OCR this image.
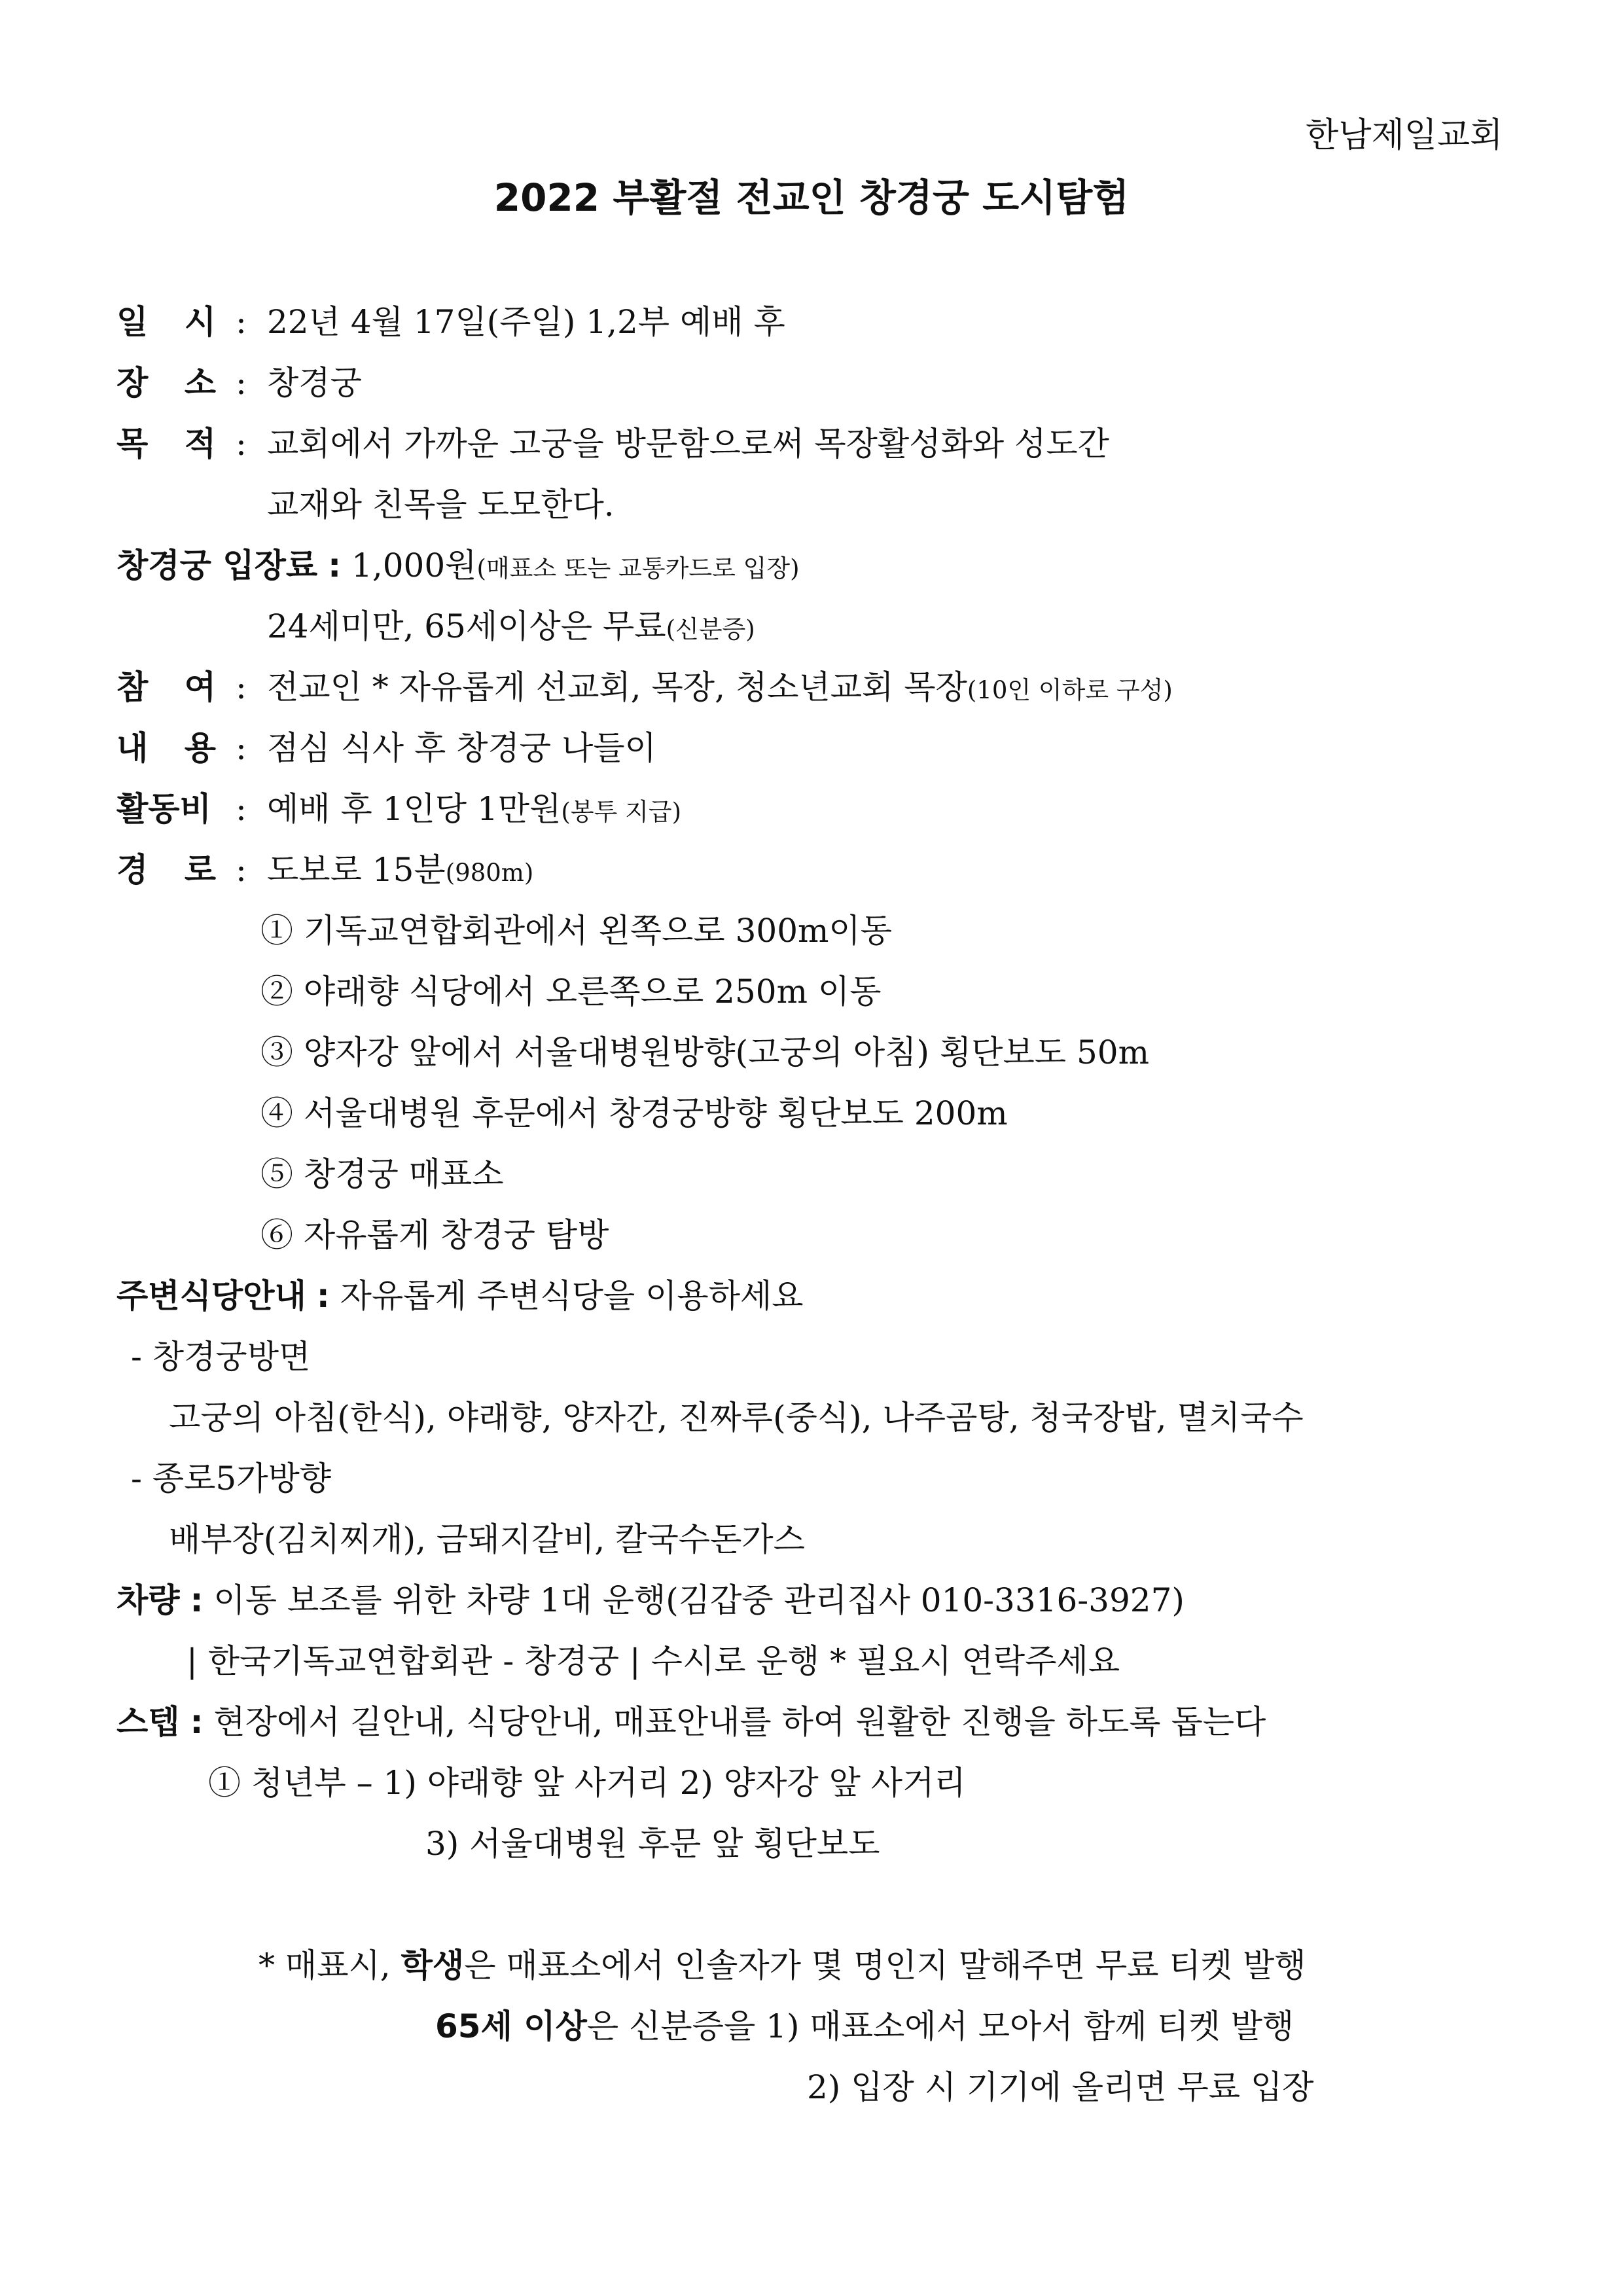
한남제일교회
2022 부활절 전교인 창경궁 도시탐험
일 시 : 22년 4월 17일(주일) 1,2부 예배 후
장 소 : 창경궁
목 적 : 교회에서 가까운 고궁을 방문함으로써 목장활성화와 성도간
교재와 친목을 도모한다.
창경궁 입장료 : 1,000원(매표소 또는 교통카드로 입장)
24세미만, 65세이상은 무료(신분증)
참 여 : 전교인 * 자유롭게 선교회, 목장, 청소년교회 목장(10인 이하로 구성)
내 용 : 점심 식사 후 창경궁 나들이
활동비 : 예배 후 1인당 1만원(봉투 지급)
경 로 : 도보로 15분(980m)
① 기독교연합회관에서 왼쪽으로 300m이동
② 야래향 식당에서 오른쪽으로 250m 이동
③ 양자강 앞에서 서울대병원방향(고궁의 아침) 횡단보도 50m
④ 서울대병원 후문에서 창경궁방향 횡단보도 200m
⑤ 창경궁 매표소
⑥ 자유롭게 창경궁 탐방
주변식당안내 : 자유롭게 주변식당을 이용하세요
- 창경궁방면
고궁의 아침(한식), 야래향, 양자간, 진짜루(중식), 나주곰탕, 청국장밥, 멸치국수
- 종로5가방향
배부장(김치찌개), 금돼지갈비, 칼국수돈가스
차량 : 이동 보조를 위한 차량 1대 운행(김갑중 관리집사 010-3316-3927)
| 한국기독교연합회관 - 창경궁 | 수시로 운행 * 필요시 연락주세요
스텝 : 현장에서 길안내, 식당안내, 매표안내를 하여 원활한 진행을 하도록 돕는다
① 청년부 – 1) 야래향 앞 사거리 2) 양자강 앞 사거리
3) 서울대병원 후문 앞 횡단보도
* 매표시, 학생은 매표소에서 인솔자가 몇 명인지 말해주면 무료 티켓 발행
65세 이상은 신분증을 1) 매표소에서 모아서 함께 티켓 발행
2) 입장 시 기기에 올리면 무료 입장
